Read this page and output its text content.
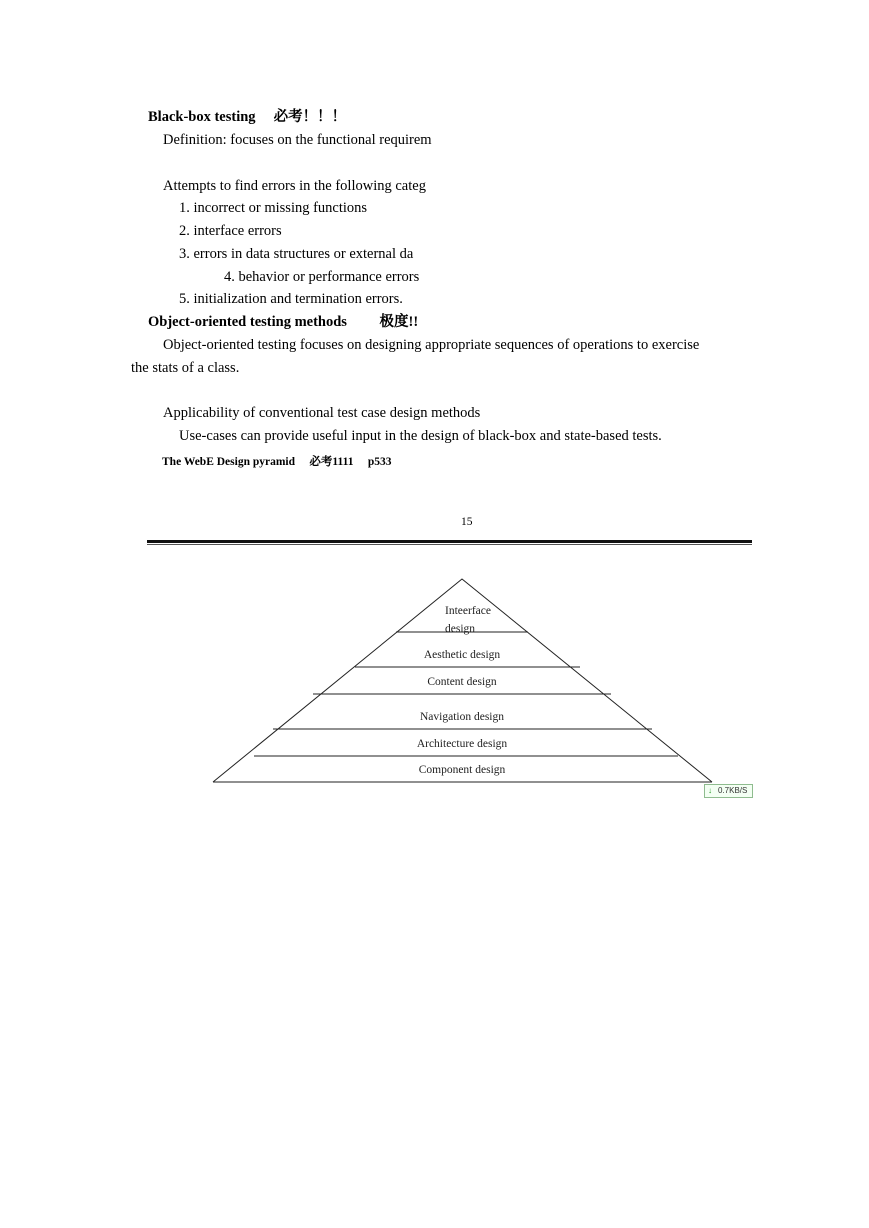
Black-box testing　 必考！！！
Definition: focuses on the functional requirem
Attempts to find errors in the following categ
1. incorrect or missing functions
2. interface errors
3. errors in data structures or external da
4. behavior or performance errors
5. initialization and termination errors.
Object-oriented testing methods　　 极度!!
Object-oriented testing focuses on designing appropriate sequences of operations to exercise
the stats of a class.
Applicability of conventional test case design methods
Use-cases can provide useful input in the design of black-box and state-based tests.
The WebE Design pyramid　 必考1111　 p533
15
Inteerface
design
Aesthetic design
Content design
Navigation design
Architecture design
Component design
↓ 0.7KB/S
